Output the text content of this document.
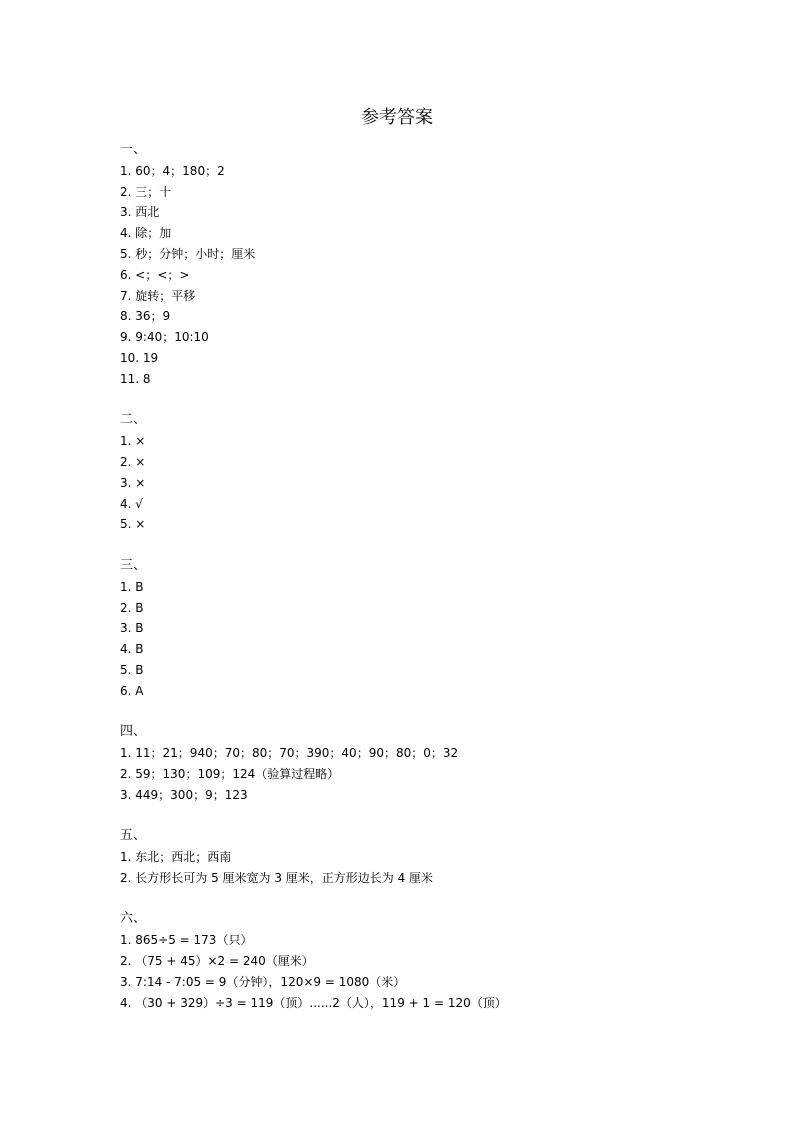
参考答案
一、
1. 60；4；180；2
2. 三；十
3. 西北
4. 除；加
5. 秒；分钟；小时；厘米
6. <；<；>
7. 旋转；平移
8. 36；9
9. 9:40；10:10
10. 19
11. 8
二、
1. ×
2. ×
3. ×
4. √
5. ×
三、
1. B
2. B
3. B
4. B
5. B
6. A
四、
1. 11；21；940；70；80；70；390；40；90；80；0；32
2. 59；130；109；124（验算过程略）
3. 449；300；9；123
五、
1. 东北；西北；西南
2. 长方形长可为 5 厘米宽为 3 厘米，正方形边长为 4 厘米
六、
1. 865÷5 = 173（只）
2. （75 + 45）×2 = 240（厘米）
3. 7:14 - 7:05 = 9（分钟），120×9 = 1080（米）
4. （30 + 329）÷3 = 119（顶）......2（人），119 + 1 = 120（顶）
